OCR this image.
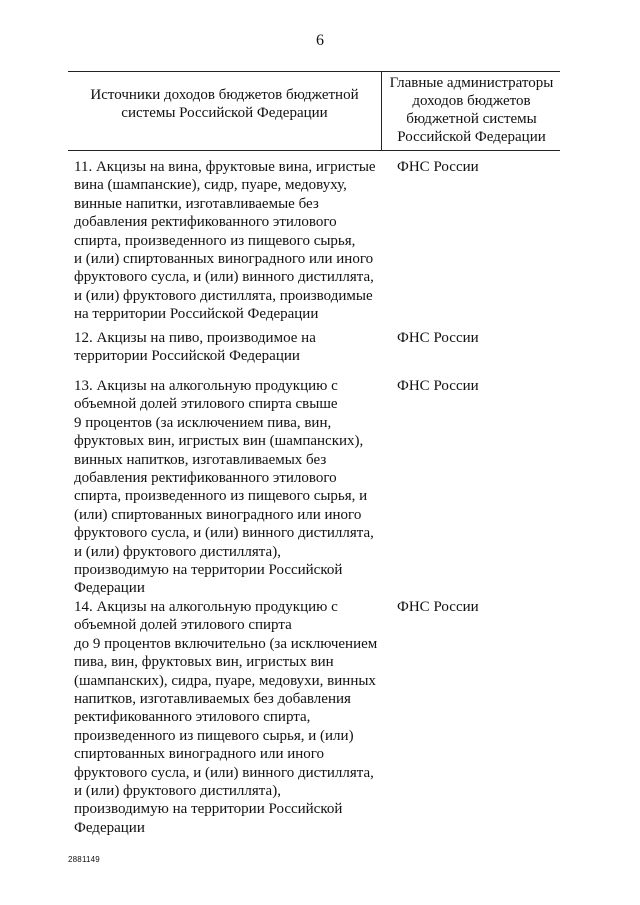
6
Источники доходов бюджетов бюджетной системы Российской Федерации
Главные администраторы доходов бюджетов бюджетной системы Российской Федерации
11. Акцизы на вина, фруктовые вина, игристые
вина (шампанские), сидр, пуаре, медовуху,
винные напитки, изготавливаемые без
добавления ректификованного этилового
спирта, произведенного из пищевого сырья,
и (или) спиртованных виноградного или иного
фруктового сусла, и (или) винного дистиллята,
и (или) фруктового дистиллята, производимые
на территории Российской Федерации
ФНС России
12. Акцизы на пиво, производимое на
территории Российской Федерации
ФНС России
13. Акцизы на алкогольную продукцию с
объемной долей этилового спирта свыше
9 процентов (за исключением пива, вин,
фруктовых вин, игристых вин (шампанских),
винных напитков, изготавливаемых без
добавления ректификованного этилового
спирта, произведенного из пищевого сырья, и
(или) спиртованных виноградного или иного
фруктового сусла, и (или) винного дистиллята,
и (или) фруктового дистиллята),
производимую на территории Российской
Федерации
ФНС России
14. Акцизы на алкогольную продукцию с
объемной долей этилового спирта
до 9 процентов включительно (за исключением
пива, вин, фруктовых вин, игристых вин
(шампанских), сидра, пуаре, медовухи, винных
напитков, изготавливаемых без добавления
ректификованного этилового спирта,
произведенного из пищевого сырья, и (или)
спиртованных виноградного или иного
фруктового сусла, и (или) винного дистиллята,
и (или) фруктового дистиллята),
производимую на территории Российской
Федерации
ФНС России
2881149
